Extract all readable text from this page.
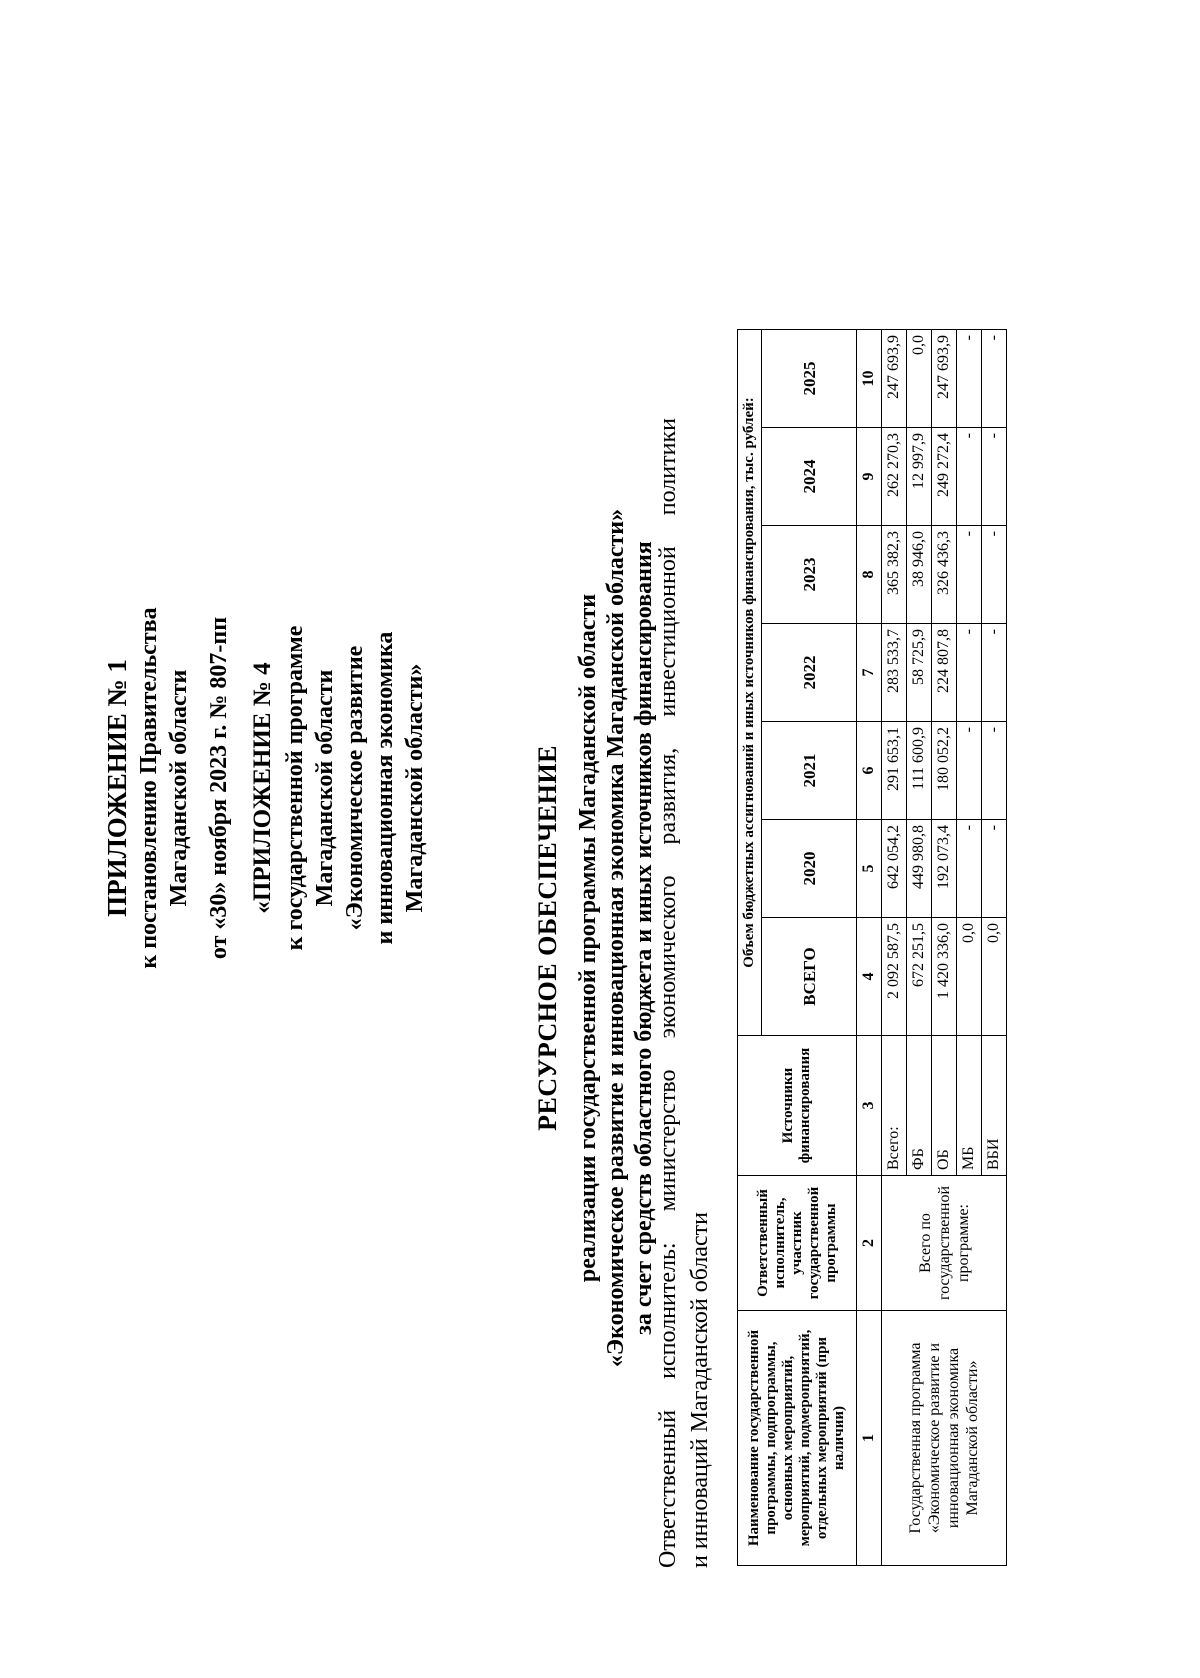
ПРИЛОЖЕНИЕ № 1 к постановлению Правительства Магаданской области от «30» ноября 2023 г. № 807-пп «ПРИЛОЖЕНИЕ № 4 к государственной программе Магаданской области «Экономическое развитие и инновационная экономика Магаданской области»	РЕСУРСНОЕ ОБЕСПЕЧЕНИЕ реализации государственной программы Магаданской области «Экономическое развитие и инновационная экономика Магаданской области» за счет средств областного бюджета и иных источников финансирования
Ответственный
исполнитель:
министерство
экономического
развития,
инвестиционной
политики
и инноваций Магаданской области Наименование государственной программы, подпрограммы, основных мероприятий, мероприятий, подмероприятий, отдельных мероприятий (при наличии)	Ответственный исполнитель, участник государственной программы	Источники финансирования	Объем бюджетных ассигнований и иных источников финансирования, тыс. рублей:						
			ВСЕГО	2020	2021	2022	2023	2024	2025
1	2	3	4	5	6	7	8	9	10
Государственная программа «Экономическое развитие и инновационная экономика Магаданской области»	Всего по государственной программе:	Всего:	2 092 587,5	642 054,2	291 653,1	283 533,7	365 382,3	262 270,3	247 693,9
		ФБ	672 251,5	449 980,8	111 600,9	58 725,9	38 946,0	12 997,9	0,0
		ОБ	1 420 336,0	192 073,4	180 052,2	224 807,8	326 436,3	249 272,4	247 693,9
		МБ	0,0	-	-	-	-	-	-
		ВБИ	0,0	-	-	-	-	-	-
